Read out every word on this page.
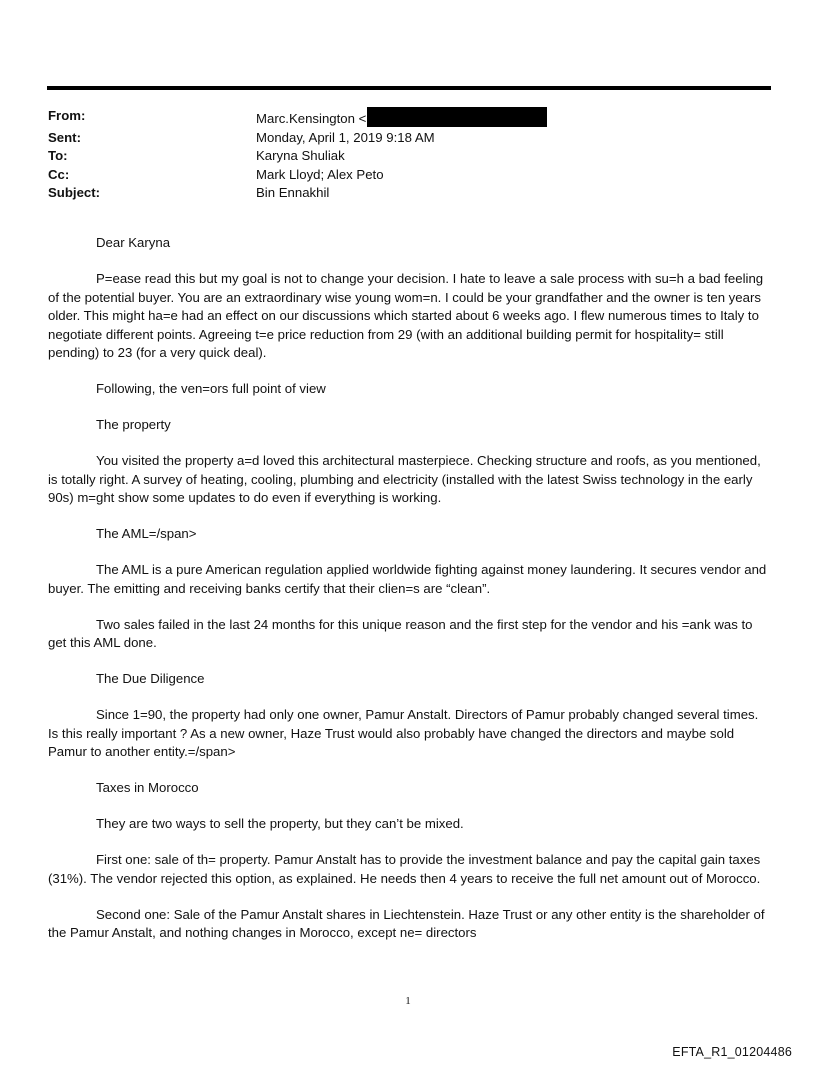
From:	Marc.Kensington <
Sent:	Monday, April 1, 2019 9:18 AM
To:	Karyna Shuliak
Cc:	Mark Lloyd; Alex Peto
Subject:	Bin Ennakhil

Dear Karyna

P=ease read this but my goal is not to change your decision. I hate to leave a sale process with su=h a bad feeling of the potential buyer. You are an extraordinary wise young wom=n. I could be your grandfather and the owner is ten years older. This might ha=e had an effect on our discussions which started about 6 weeks ago. I flew numerous times to Italy to negotiate different points. Agreeing t=e price reduction from 29 (with an additional building permit for hospitality= still pending) to 23 (for a very quick deal).

Following, the ven=ors full point of view

The property

You visited the property a=d loved this architectural masterpiece. Checking structure and roofs, as you mentioned, is totally right. A survey of heating, cooling, plumbing and electricity (installed with the latest Swiss technology in the early 90s) m=ght show some updates to do even if everything is working.

The AML=/span>

The AML is a pure American regulation applied worldwide fighting against money laundering. It secures vendor and buyer. The emitting and receiving banks certify that their clien=s are “clean”.

Two sales failed in the last 24 months for this unique reason and the first step for the vendor and his =ank was to get this AML done.

The Due Diligence

Since 1=90, the property had only one owner, Pamur Anstalt. Directors of Pamur probably changed several times. Is this really important ? As a new owner, Haze Trust would also probably have changed the directors and maybe sold Pamur to another entity.=/span>

Taxes in Morocco

They are two ways to sell the property, but they can’t be mixed.

First one: sale of th= property. Pamur Anstalt has to provide the investment balance and pay the capital gain taxes (31%). The vendor rejected this option, as explained. He needs then 4 years to receive the full net amount out of Morocco.

Second one: Sale of the Pamur Anstalt shares in Liechtenstein. Haze Trust or any other entity is the shareholder of the Pamur Anstalt, and nothing changes in Morocco, except ne= directors

1
EFTA_R1_01204486
